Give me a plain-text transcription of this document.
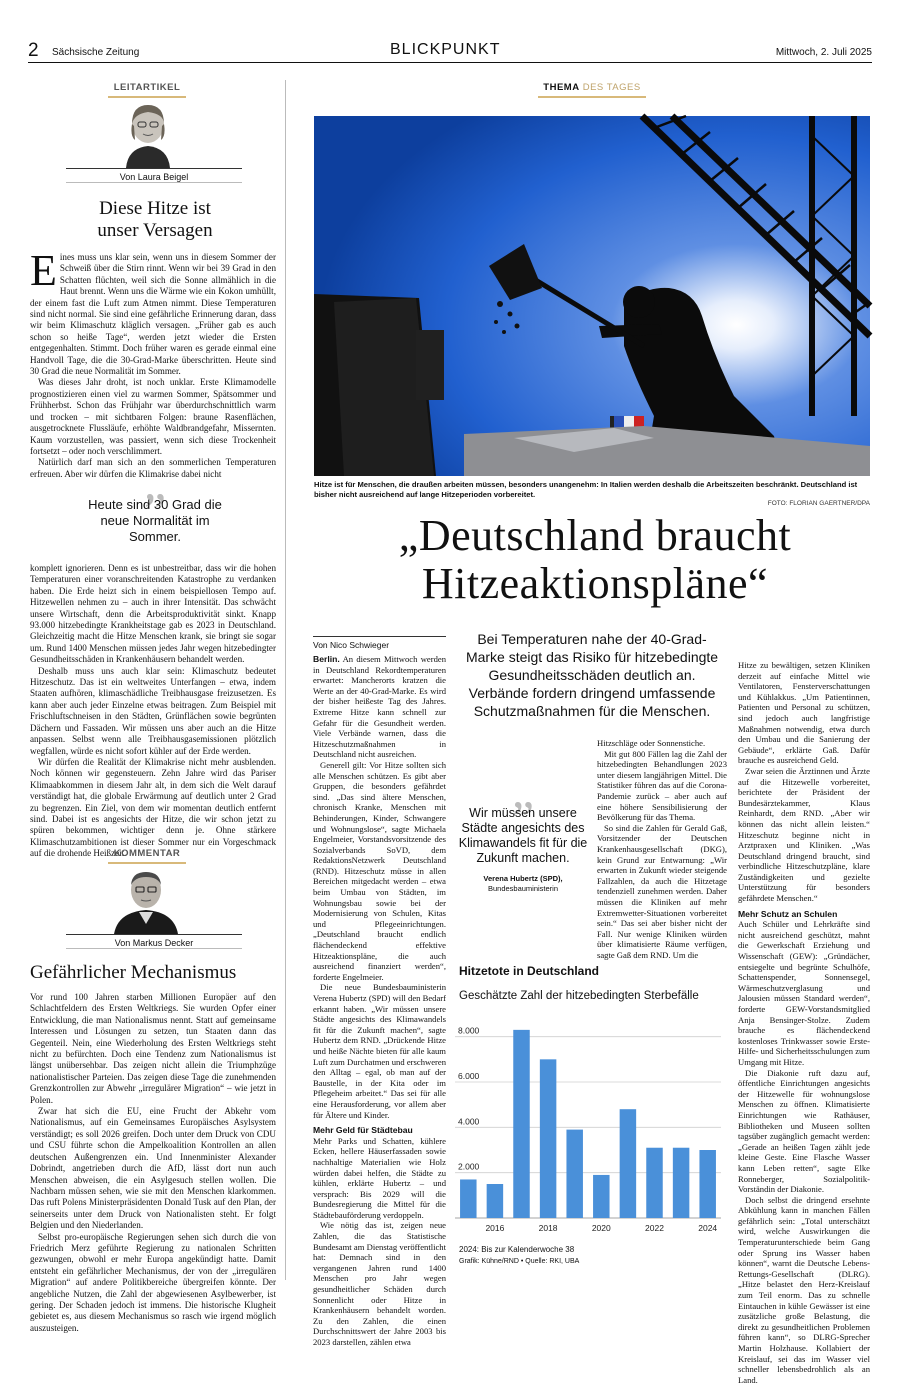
2 Sächsische Zeitung	BLICKPUNKT	Mittwoch, 2. Juli 2025
LEITARTIKEL
Von Laura Beigel
Diese Hitze ist
unser Versagen

Eines muss uns klar sein, wenn uns in diesem Sommer der Schweiß über die Stirn rinnt. Wenn wir bei 39 Grad in den Schatten flüchten, weil sich die Sonne allmählich in die Haut brennt. Wenn uns die Wärme wie ein Kokon umhüllt, der einem fast die Luft zum Atmen nimmt. Diese Temperaturen sind nicht normal. Sie sind eine gefährliche Erinnerung daran, dass wir beim Klimaschutz kläglich versagen. „Früher gab es auch schon so heiße Tage“, werden jetzt wieder die Ersten entgegenhalten. Stimmt. Doch früher waren es gerade einmal eine Handvoll Tage, die die 30-Grad-Marke überschritten. Heute sind 30 Grad die neue Normalität im Sommer.

Was dieses Jahr droht, ist noch unklar. Erste Klimamodelle prognostizieren einen viel zu warmen Sommer, Spätsommer und Frühherbst. Schon das Frühjahr war überdurchschnittlich warm und trocken – mit sichtbaren Folgen: braune Rasenflächen, ausgetrocknete Flussläufe, erhöhte Waldbrandgefahr, Missernten. Kaum vorzustellen, was passiert, wenn sich diese Trockenheit fortsetzt – oder noch verschlimmert.

Natürlich darf man sich an den sommerlichen Temperaturen erfreuen. Aber wir dürfen die Klimakrise dabei nicht

„
Heute sind 30 Grad die neue Normalität im Sommer.

komplett ignorieren. Denn es ist unbestreitbar, dass wir die hohen Temperaturen einer voranschreitenden Katastrophe zu verdanken haben. Die Erde heizt sich in einem beispiellosen Tempo auf. Hitzewellen nehmen zu – auch in ihrer Intensität. Das schwächt unsere Wirtschaft, denn die Arbeitsproduktivität sinkt. Knapp 93.000 hitzebedingte Krankheitstage gab es 2023 in Deutschland. Gleichzeitig macht die Hitze Menschen krank, sie bringt sie sogar um. Rund 1400 Menschen müssen jedes Jahr wegen hitzebedingter Gesundheitsschäden in Krankenhäusern behandelt werden.

Deshalb muss uns auch klar sein: Klimaschutz bedeutet Hitzeschutz. Das ist ein weltweites Unterfangen – etwa, indem Staaten aufhören, klimaschädliche Treibhausgase freizusetzen. Es kann aber auch jeder Einzelne etwas beitragen. Zum Beispiel mit Frischluftschneisen in den Städten, Grünflächen sowie begrünten Dächern und Fassaden. Wir müssen uns aber auch an die Hitze anpassen. Selbst wenn alle Treibhausgasemissionen plötzlich wegfallen, würde es nicht sofort kühler auf der Erde werden.

Wir dürfen die Realität der Klimakrise nicht mehr ausblenden. Noch können wir gegensteuern. Zehn Jahre wird das Pariser Klimaabkommen in diesem Jahr alt, in dem sich die Welt darauf verständigt hat, die globale Erwärmung auf deutlich unter 2 Grad zu begrenzen. Ein Ziel, von dem wir momentan deutlich entfernt sind. Dabei ist es angesichts der Hitze, die wir schon jetzt zu spüren bekommen, wichtiger denn je. Ohne stärkere Klimaschutzambitionen ist dieser Sommer nur ein Vorgeschmack auf die drohende Heißzeit.

KOMMENTAR
Von Markus Decker
Gefährlicher Mechanismus

Vor rund 100 Jahren starben Millionen Europäer auf den Schlachtfeldern des Ersten Weltkriegs. Sie wurden Opfer einer Entwicklung, die man Nationalismus nennt. Statt auf gemeinsame Interessen und Lösungen zu setzen, tun Staaten dann das Gegenteil. Nein, eine Wiederholung des Ersten Weltkriegs steht nicht zu befürchten. Doch eine Tendenz zum Nationalismus ist längst unübersehbar. Das zeigen nicht allein die Triumphzüge nationalistischer Parteien. Das zeigen diese Tage die zunehmenden Grenzkontrollen zur Abwehr „irregulärer Migration“ – wie jetzt in Polen.

Zwar hat sich die EU, eine Frucht der Abkehr vom Nationalismus, auf ein Gemeinsames Europäisches Asylsystem verständigt; es soll 2026 greifen. Doch unter dem Druck von CDU und CSU führte schon die Ampelkoalition Kontrollen an allen deutschen Außengrenzen ein. Und Innenminister Alexander Dobrindt, angetrieben durch die AfD, lässt dort nun auch Menschen abweisen, die ein Asylgesuch stellen wollen. Die Nachbarn müssen sehen, wie sie mit den Menschen klarkommen. Das ruft Polens Ministerpräsidenten Donald Tusk auf den Plan, der seinerseits unter dem Druck von Nationalisten steht. Er folgt Belgien und den Niederlanden.

Selbst pro-europäische Regierungen sehen sich durch die von Friedrich Merz geführte Regierung zu nationalen Schritten gezwungen, obwohl er mehr Europa angekündigt hatte. Damit entsteht ein gefährlicher Mechanismus, der von der „irregulären Migration“ auf andere Politikbereiche übergreifen könnte. Der angebliche Nutzen, die Zahl der abgewiesenen Asylbewerber, ist gering. Der Schaden jedoch ist immens. Die historische Klugheit gebietet es, aus diesem Mechanismus so rasch wie irgend möglich auszusteigen.

THEMA DES TAGES
Hitze ist für Menschen, die draußen arbeiten müssen, besonders unangenehm: In Italien werden deshalb die Arbeitszeiten beschränkt. Deutschland ist bisher nicht ausreichend auf lange Hitzeperioden vorbereitet.
FOTO: FLORIAN GAERTNER/DPA
„Deutschland braucht
Hitzeaktionspläne“
Bei Temperaturen nahe der 40-Grad-Marke steigt das Risiko für hitzebedingte Gesundheitsschäden deutlich an. Verbände fordern dringend umfassende Schutzmaßnahmen für die Menschen.
Von Nico Schwieger

Berlin. An diesem Mittwoch werden in Deutschland Rekordtemperaturen erwartet: Mancherorts kratzen die Werte an der 40-Grad-Marke. Es wird der bisher heißeste Tag des Jahres. Extreme Hitze kann schnell zur Gefahr für die Gesundheit werden. Viele Verbände warnen, dass die Hitzeschutzmaßnahmen in Deutschland nicht ausreichen.

Generell gilt: Vor Hitze sollten sich alle Menschen schützen. Es gibt aber Gruppen, die besonders gefährdet sind. „Das sind ältere Menschen, chronisch Kranke, Menschen mit Behinderungen, Kinder, Schwangere und Wohnungslose“, sagte Michaela Engelmeier, Vorstandsvorsitzende des Sozialverbands SoVD, dem RedaktionsNetzwerk Deutschland (RND). Hitzeschutz müsse in allen Bereichen mitgedacht werden – etwa beim Umbau von Städten, im Wohnungsbau sowie bei der Modernisierung von Schulen, Kitas und Pflegeeinrichtungen. „Deutschland braucht endlich flächendeckend effektive Hitzeaktionspläne, die auch ausreichend finanziert werden“, forderte Engelmeier.

Die neue Bundesbauministerin Verena Hubertz (SPD) will den Bedarf erkannt haben. „Wir müssen unsere Städte angesichts des Klimawandels fit für die Zukunft machen“, sagte Hubertz dem RND. „Drückende Hitze und heiße Nächte bieten für alle kaum Luft zum Durchatmen und erschweren den Alltag – egal, ob man auf der Baustelle, in der Kita oder im Pflegeheim arbeitet.“ Das sei für alle eine Herausforderung, vor allem aber für Ältere und Kinder.

Mehr Geld für Städtebau

Mehr Parks und Schatten, kühlere Ecken, hellere Häuserfassaden sowie nachhaltige Materialien wie Holz würden dabei helfen, die Städte zu kühlen, erklärte Hubertz – und versprach: Bis 2029 will die Bundesregierung die Mittel für die Städtebauförderung verdoppeln.

Wie nötig das ist, zeigen neue Zahlen, die das Statistische Bundesamt am Dienstag veröffentlicht hat: Demnach sind in den vergangenen Jahren rund 1400 Menschen pro Jahr wegen gesundheitlicher Schäden durch Sonnenlicht oder Hitze in Krankenhäusern behandelt worden. Zu den Zahlen, die einen Durchschnittswert der Jahre 2003 bis 2023 darstellen, zählen etwa

„
Wir müssen unsere Städte angesichts des Klimawandels fit für die Zukunft machen.
Verena Hubertz (SPD),
Bundesbauministerin

Hitzschläge oder Sonnenstiche.

Mit gut 800 Fällen lag die Zahl der hitzebedingten Behandlungen 2023 unter diesem langjährigen Mittel. Die Statistiker führen das auf die Corona-Pandemie zurück – aber auch auf eine höhere Sensibilisierung der Bevölkerung für das Thema.

So sind die Zahlen für Gerald Gaß, Vorsitzender der Deutschen Krankenhausgesellschaft (DKG), kein Grund zur Entwarnung: „Wir erwarten in Zukunft wieder steigende Fallzahlen, da auch die Hitzetage tendenziell zunehmen werden. Daher müssen die Kliniken auf mehr Extremwetter-Situationen vorbereitet sein.“ Das sei aber bisher nicht der Fall. Nur wenige Kliniken würden über klimatisierte Räume verfügen, sagte Gaß dem RND. Um die

Hitze zu bewältigen, setzen Kliniken derzeit auf einfache Mittel wie Ventilatoren, Fensterverschattungen und Kühlakkus. „Um Patientinnen, Patienten und Personal zu schützen, sind jedoch auch langfristige Maßnahmen notwendig, etwa durch den Umbau und die Sanierung der Gebäude“, erklärte Gaß. Dafür brauche es ausreichend Geld.

Zwar seien die Ärztinnen und Ärzte auf die Hitzewelle vorbereitet, berichtete der Präsident der Bundesärztekammer, Klaus Reinhardt, dem RND. „Aber wir können das nicht allein leisten.“ Hitzeschutz beginne nicht in Arztpraxen und Kliniken. „Was Deutschland dringend braucht, sind verbindliche Hitzeschutzpläne, klare Zuständigkeiten und gezielte Unterstützung für besonders gefährdete Menschen.“

Mehr Schutz an Schulen

Auch Schüler und Lehrkräfte sind nicht ausreichend geschützt, mahnt die Gewerkschaft Erziehung und Wissenschaft (GEW): „Gründächer, entsiegelte und begrünte Schulhöfe, Schattenspender, Sonnensegel, Wärmeschutzverglasung und Jalousien müssen Standard werden“, forderte GEW-Vorstandsmitglied Anja Bensinger-Stolze. Zudem brauche es flächendeckend kostenloses Trinkwasser sowie Erste-Hilfe- und Sicherheitsschulungen zum Umgang mit Hitze.

Die Diakonie ruft dazu auf, öffentliche Einrichtungen angesichts der Hitzewelle für wohnungslose Menschen zu öffnen. Klimatisierte Einrichtungen wie Rathäuser, Bibliotheken und Museen sollten tagsüber zugänglich gemacht werden: „Gerade an heißen Tagen zählt jede kleine Geste. Eine Flasche Wasser kann Leben retten“, sagte Elke Ronneberger, Sozialpolitik-Vorständin der Diakonie.

Doch selbst die dringend ersehnte Abkühlung kann in manchen Fällen gefährlich sein: „Total unterschätzt wird, welche Auswirkungen die Temperaturunterschiede beim Gang oder Sprung ins Wasser haben können“, warnt die Deutsche Lebens-Rettungs-Gesellschaft (DLRG). „Hitze belastet den Herz-Kreislauf zum Teil enorm. Das zu schnelle Eintauchen in kühle Gewässer ist eine zusätzliche große Belastung, die direkt zu gesundheitlichen Problemen führen kann“, so DLRG-Sprecher Martin Holzhause. Kollabiert der Kreislauf, sei das im Wasser viel schneller lebensbedrohlich als an Land.

Hitzetote in Deutschland
Geschätzte Zahl der hitzebedingten Sterbefälle
2.000
4.000
6.000
8.000
2016	2018	2020	2022	2024
2024: Bis zur Kalenderwoche 38
Grafik: Kühne/RND • Quelle: RKI, UBA
